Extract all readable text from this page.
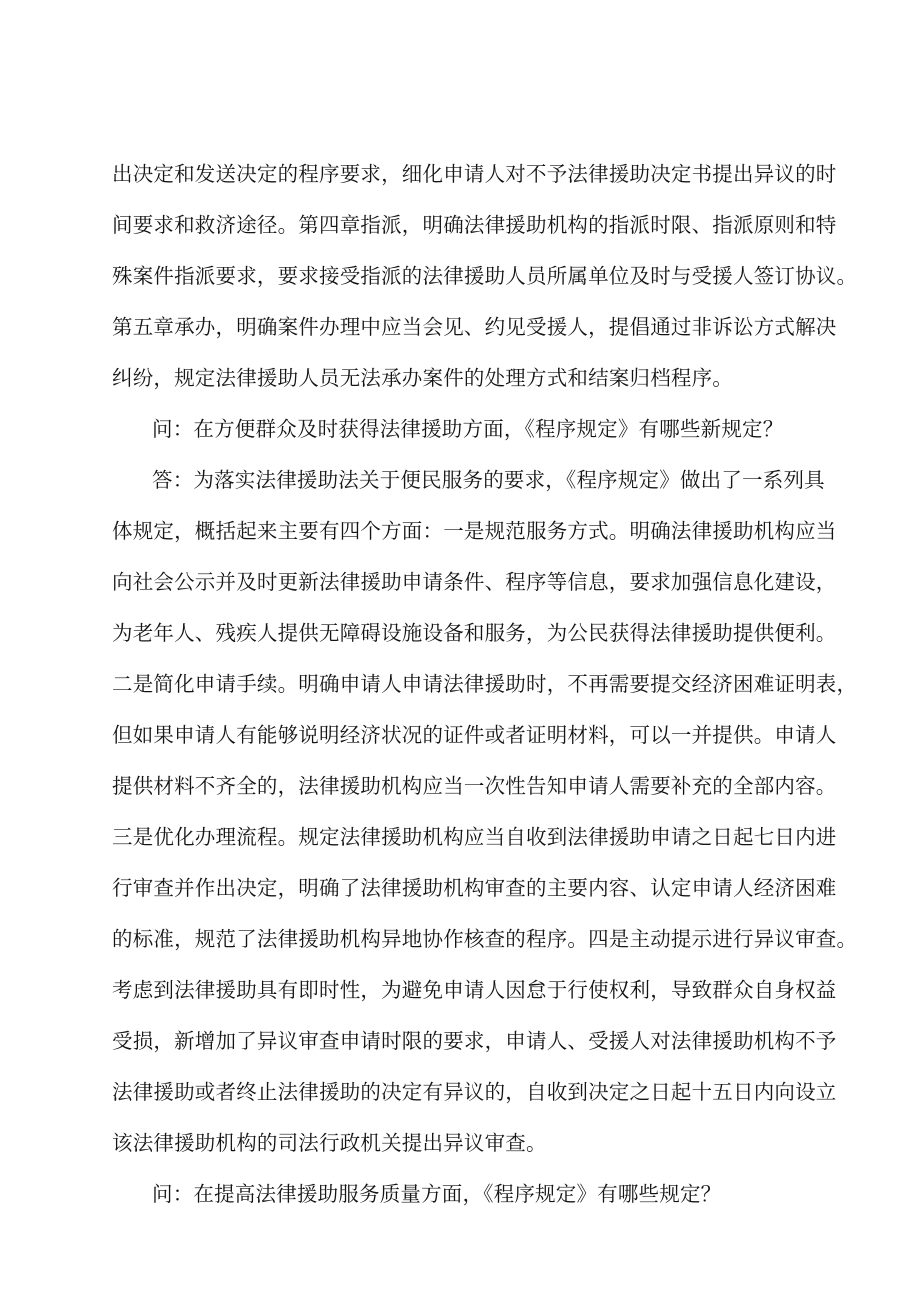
出决定和发送决定的程序要求，细化申请人对不予法律援助决定书提出异议的时
间要求和救济途径。第四章指派，明确法律援助机构的指派时限、指派原则和特
殊案件指派要求，要求接受指派的法律援助人员所属单位及时与受援人签订协议。
第五章承办，明确案件办理中应当会见、约见受援人，提倡通过非诉讼方式解决
纠纷，规定法律援助人员无法承办案件的处理方式和结案归档程序。
问：在方便群众及时获得法律援助方面，《程序规定》有哪些新规定？
答：为落实法律援助法关于便民服务的要求，《程序规定》做出了一系列具
体规定，概括起来主要有四个方面：一是规范服务方式。明确法律援助机构应当
向社会公示并及时更新法律援助申请条件、程序等信息，要求加强信息化建设，
为老年人、残疾人提供无障碍设施设备和服务，为公民获得法律援助提供便利。
二是简化申请手续。明确申请人申请法律援助时，不再需要提交经济困难证明表，
但如果申请人有能够说明经济状况的证件或者证明材料，可以一并提供。申请人
提供材料不齐全的，法律援助机构应当一次性告知申请人需要补充的全部内容。
三是优化办理流程。规定法律援助机构应当自收到法律援助申请之日起七日内进
行审查并作出决定，明确了法律援助机构审查的主要内容、认定申请人经济困难
的标准，规范了法律援助机构异地协作核查的程序。四是主动提示进行异议审查。
考虑到法律援助具有即时性，为避免申请人因怠于行使权利，导致群众自身权益
受损，新增加了异议审查申请时限的要求，申请人、受援人对法律援助机构不予
法律援助或者终止法律援助的决定有异议的，自收到决定之日起十五日内向设立
该法律援助机构的司法行政机关提出异议审查。
问：在提高法律援助服务质量方面，《程序规定》有哪些规定？
